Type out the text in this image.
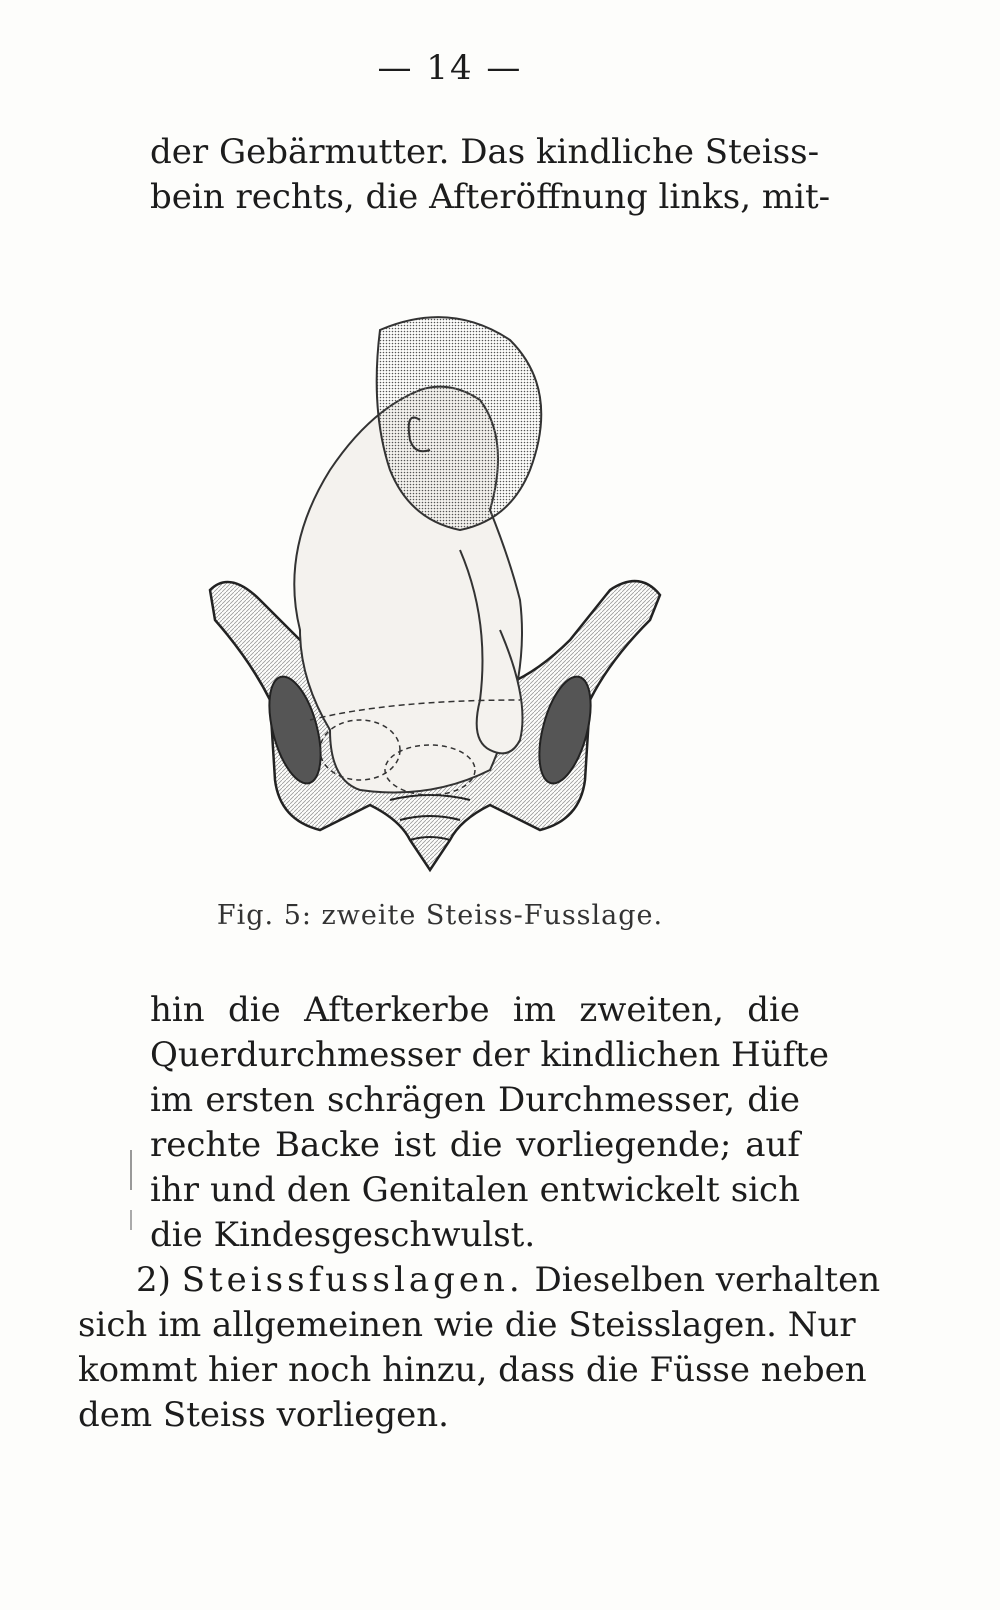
— 14 —
der Gebärmutter. Das kindliche Steiss-
bein rechts, die Afteröffnung links, mit-
Fig. 5: zweite Steiss-Fusslage.
hin die Afterkerbe im zweiten, die
Querdurchmesser der kindlichen Hüfte
im ersten schrägen Durchmesser, die
rechte Backe ist die vorliegende; auf
ihr und den Genitalen entwickelt sich
die Kindesgeschwulst.
2) Steissfusslagen. Dieselben verhalten
sich im allgemeinen wie die Steisslagen. Nur
kommt hier noch hinzu, dass die Füsse neben
dem Steiss vorliegen.
